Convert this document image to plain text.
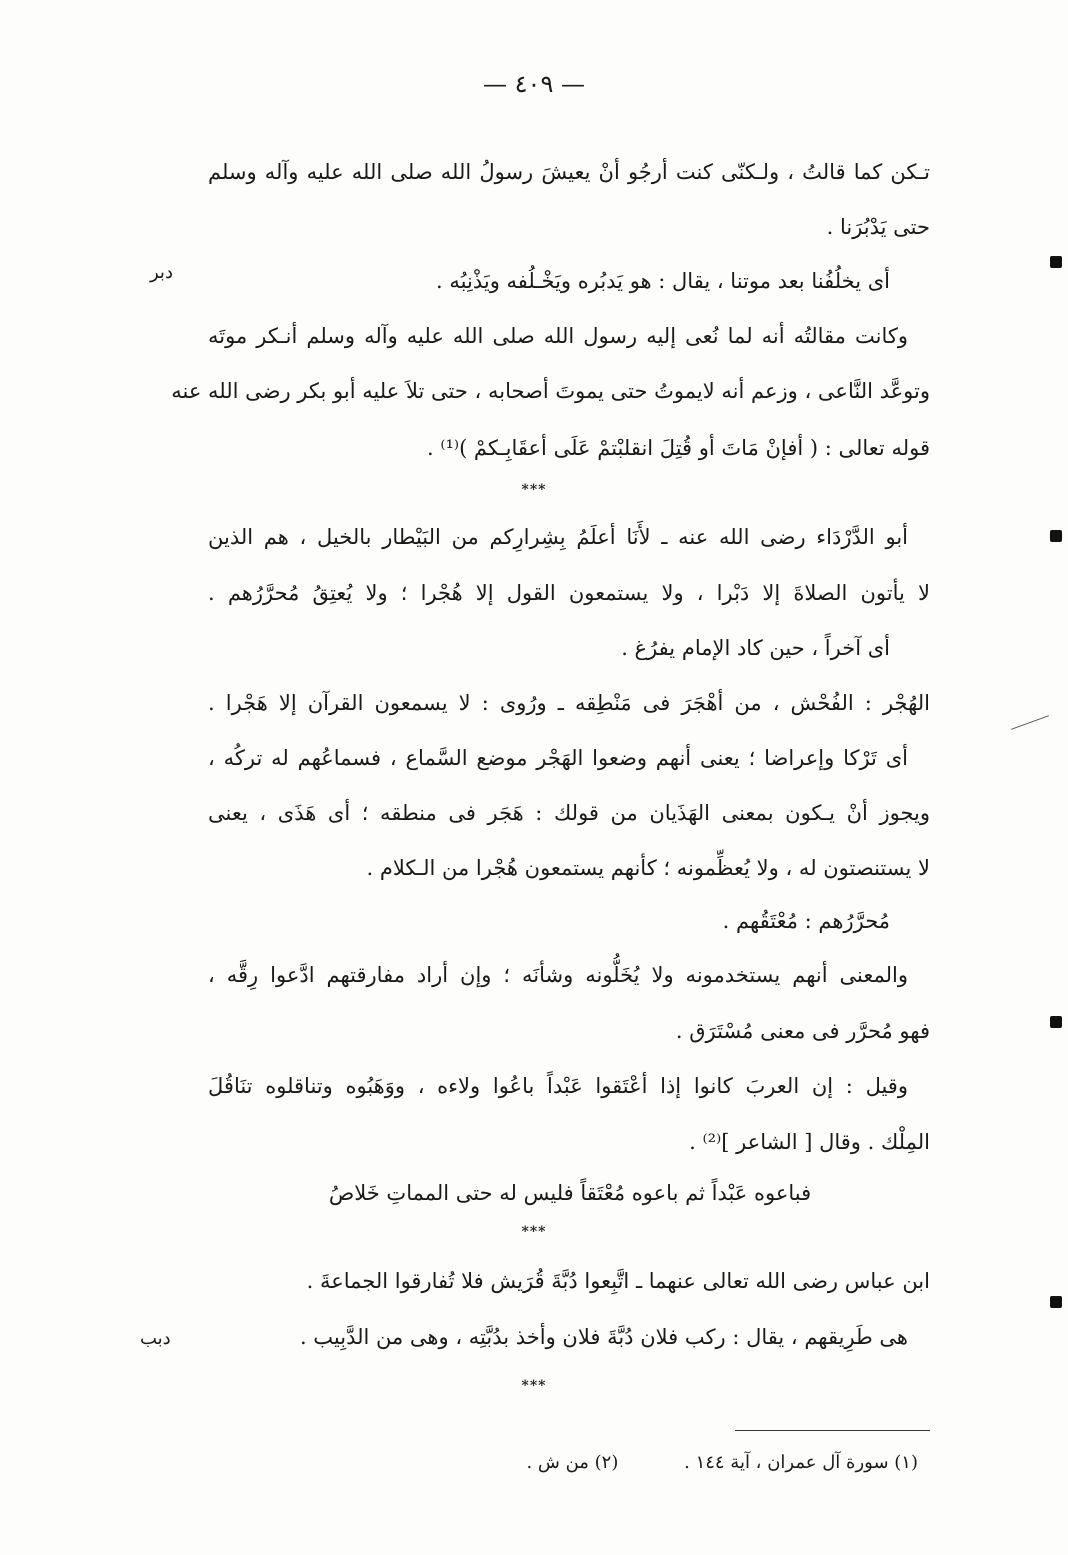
— ٤٠٩ —
تـكن كما قالتُ ، ولـكنّى كنت أرجُو أنْ يعيشَ رسولُ الله صلى الله عليه وآله وسلم
حتى يَدْبُرَنا .
أى يخلُفُنا بعد موتنا ، يقال : هو يَدبُره ويَخْـلُفه ويَذْنِبُه .
دبر
وكانت مقالتُه أنه لما نُعى إليه رسول الله صلى الله عليه وآله وسلم أنـكر موتَه
وتوعَّد النَّاعى ، وزعم أنه لايموتُ حتى يموتَ أصحابه ، حتى تلاَ عليه أبو بكر رضى الله عنه
قوله تعالى : ( أفإنْ مَاتَ أو قُتِلَ انقلبْتمْ عَلَى أعقَابِـكمْ )⁽¹⁾ .
***
أبو الدَّرْدَاء رضى الله عنه ـ لأَنَا أعلَمُ بِشِرارِكم من البَيْطار بالخيل ، هم الذين
لا يأتون الصلاةَ إلا دَبْرا ، ولا يستمعون القول إلا هُجْرا ؛ ولا يُعتِقُ مُحرَّرُهم .
أى آخراً ، حين كاد الإمام يفرُغ .
الهُجْر : الفُحْش ، من أهْجَرَ فى مَنْطِقه ـ ورُوى : لا يسمعون القرآن إلا هَجْرا .
أى تَرْكا وإعراضا ؛ يعنى أنهم وضعوا الهَجْر موضع السَّماع ، فسماعُهم له تركُه ،
ويجوز أنْ يـكون بمعنى الهَذَيان من قولك : هَجَر فى منطقه ؛ أى هَذَى ، يعنى
لا يستنصتون له ، ولا يُعظِّمونه ؛ كأنهم يستمعون هُجْرا من الـكلام .
مُحرَّرُهم : مُعْتَقُهم .
والمعنى أنهم يستخدمونه ولا يُخَلُّونه وشأنَه ؛ وإن أراد مفارقتهم ادَّعوا رِقَّه ،
فهو مُحرَّر فى معنى مُسْتَرَق .
وقيل : إن العربَ كانوا إذا أعْتَقوا عَبْداً باعُوا ولاءه ، ووَهَبُوه وتناقلوه تنَاقُلَ
المِلْك . وقال [ الشاعر ]⁽²⁾ .
فباعوه عَبْداً ثم باعوه مُعْتَقاً فليس له حتى المماتِ خَلاصُ
***
ابن عباس رضى الله تعالى عنهما ـ اتَّبِعوا دُبَّةَ قُرَيش فلا تُفارقوا الجماعةَ .
هى طَرِيقهم ، يقال : ركب فلان دُبَّةَ فلان وأخذ بدُبَّتِه ، وهى من الدَّبِيب .
دبب
***
(١) سورة آل عمران ، آية ١٤٤ . (٢) من ش .
